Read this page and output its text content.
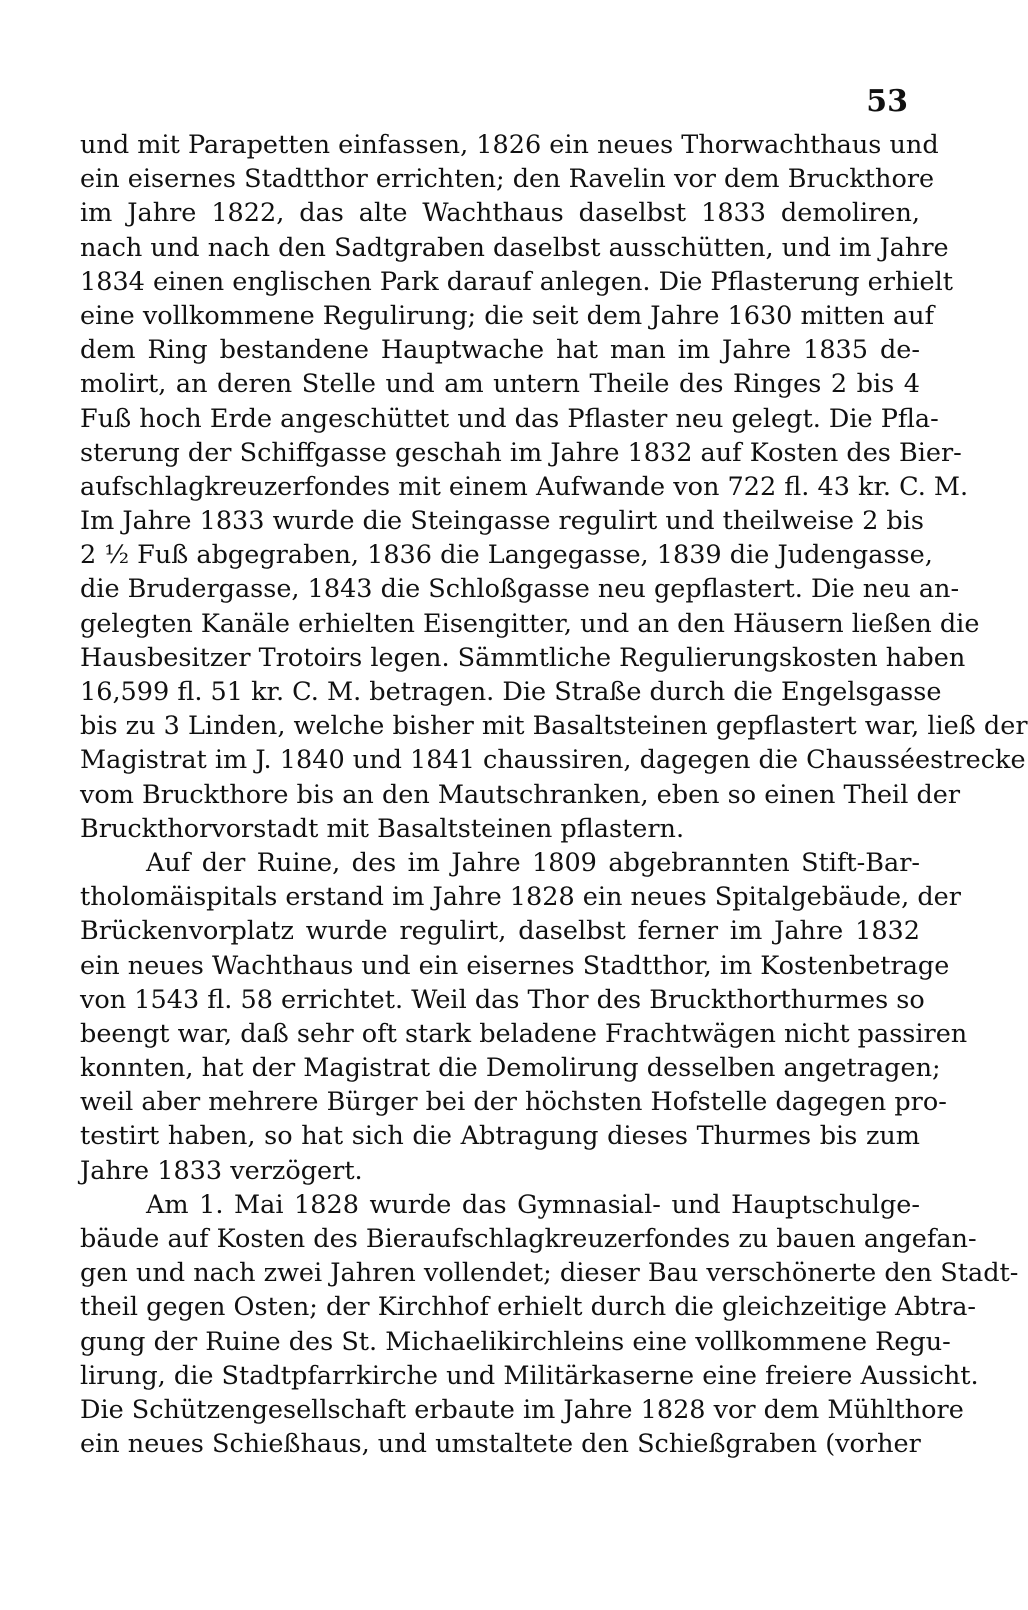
53
und mit Parapetten einfassen, 1826 ein neues Thorwachthaus und
ein eisernes Stadtthor errichten; den Ravelin vor dem Bruckthore
im Jahre 1822, das alte Wachthaus daselbst 1833 demoliren,
nach und nach den Sadtgraben daselbst ausschütten, und im Jahre
1834 einen englischen Park darauf anlegen. Die Pflasterung erhielt
eine vollkommene Regulirung; die seit dem Jahre 1630 mitten auf
dem Ring bestandene Hauptwache hat man im Jahre 1835 de-
molirt, an deren Stelle und am untern Theile des Ringes 2 bis 4
Fuß hoch Erde angeschüttet und das Pflaster neu gelegt. Die Pfla-
sterung der Schiffgasse geschah im Jahre 1832 auf Kosten des Bier-
aufschlagkreuzerfondes mit einem Aufwande von 722 fl. 43 kr. C. M.
Im Jahre 1833 wurde die Steingasse regulirt und theilweise 2 bis
2 ½ Fuß abgegraben, 1836 die Langegasse, 1839 die Judengasse,
die Brudergasse, 1843 die Schloßgasse neu gepflastert. Die neu an-
gelegten Kanäle erhielten Eisengitter, und an den Häusern ließen die
Hausbesitzer Trotoirs legen. Sämmtliche Regulierungskosten haben
16,599 fl. 51 kr. C. M. betragen. Die Straße durch die Engelsgasse
bis zu 3 Linden, welche bisher mit Basaltsteinen gepflastert war, ließ der
Magistrat im J. 1840 und 1841 chaussiren, dagegen die Chausséestrecke
vom Bruckthore bis an den Mautschranken, eben so einen Theil der
Bruckthorvorstadt mit Basaltsteinen pflastern.
Auf der Ruine, des im Jahre 1809 abgebrannten Stift-Bar-
tholomäispitals erstand im Jahre 1828 ein neues Spitalgebäude, der
Brückenvorplatz wurde regulirt, daselbst ferner im Jahre 1832
ein neues Wachthaus und ein eisernes Stadtthor, im Kostenbetrage
von 1543 fl. 58 errichtet. Weil das Thor des Bruckthorthurmes so
beengt war, daß sehr oft stark beladene Frachtwägen nicht passiren
konnten, hat der Magistrat die Demolirung desselben angetragen;
weil aber mehrere Bürger bei der höchsten Hofstelle dagegen pro-
testirt haben, so hat sich die Abtragung dieses Thurmes bis zum
Jahre 1833 verzögert.
Am 1. Mai 1828 wurde das Gymnasial- und Hauptschulge-
bäude auf Kosten des Bieraufschlagkreuzerfondes zu bauen angefan-
gen und nach zwei Jahren vollendet; dieser Bau verschönerte den Stadt-
theil gegen Osten; der Kirchhof erhielt durch die gleichzeitige Abtra-
gung der Ruine des St. Michaelikirchleins eine vollkommene Regu-
lirung, die Stadtpfarrkirche und Militärkaserne eine freiere Aussicht.
Die Schützengesellschaft erbaute im Jahre 1828 vor dem Mühlthore
ein neues Schießhaus, und umstaltete den Schießgraben (vorher
